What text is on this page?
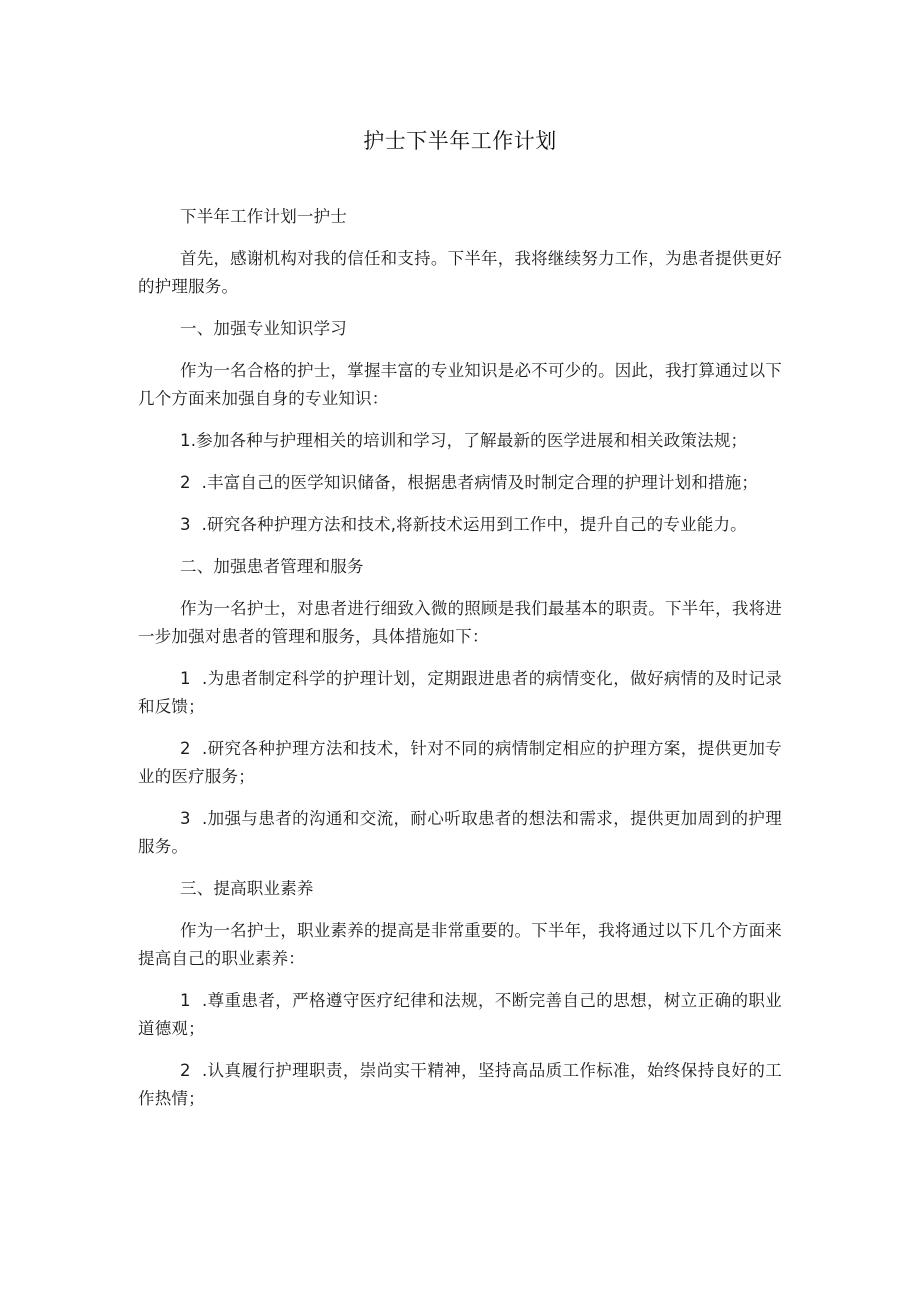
护士下半年工作计划

下半年工作计划一护士

首先，感谢机构对我的信任和支持。下半年，我将继续努力工作，为患者提供更好的护理服务。

一、加强专业知识学习

作为一名合格的护士，掌握丰富的专业知识是必不可少的。因此，我打算通过以下几个方面来加强自身的专业知识：

1.参加各种与护理相关的培训和学习，了解最新的医学进展和相关政策法规；

2  .丰富自己的医学知识储备，根据患者病情及时制定合理的护理计划和措施；

3  .研究各种护理方法和技术,将新技术运用到工作中，提升自己的专业能力。

二、加强患者管理和服务

作为一名护士，对患者进行细致入微的照顾是我们最基本的职责。下半年，我将进一步加强对患者的管理和服务，具体措施如下：

1  .为患者制定科学的护理计划，定期跟进患者的病情变化，做好病情的及时记录和反馈；

2  .研究各种护理方法和技术，针对不同的病情制定相应的护理方案，提供更加专业的医疗服务；

3  .加强与患者的沟通和交流，耐心听取患者的想法和需求，提供更加周到的护理服务。

三、提高职业素养

作为一名护士，职业素养的提高是非常重要的。下半年，我将通过以下几个方面来提高自己的职业素养：

1  .尊重患者，严格遵守医疗纪律和法规，不断完善自己的思想，树立正确的职业道德观；

2  .认真履行护理职责，崇尚实干精神，坚持高品质工作标准，始终保持良好的工作热情；
